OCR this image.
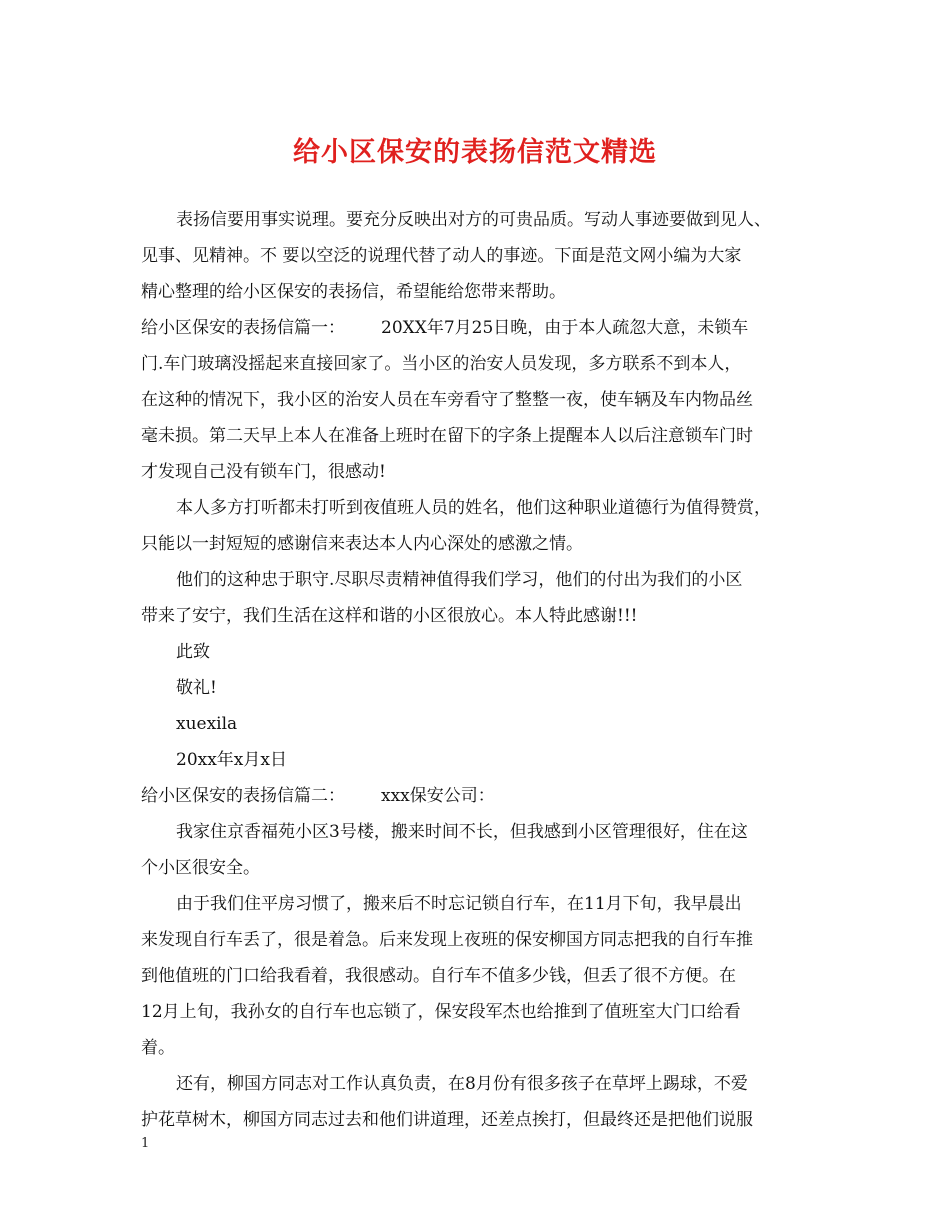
给小区保安的表扬信范文精选
表扬信要用事实说理。要充分反映出对方的可贵品质。写动人事迹要做到见人、
见事、见精神。不 要以空泛的说理代替了动人的事迹。下面是范文网小编为大家
精心整理的给小区保安的表扬信，希望能给您带来帮助。
给小区保安的表扬信篇一： 20XX年7月25日晚，由于本人疏忽大意，未锁车
门.车门玻璃没摇起来直接回家了。当小区的治安人员发现，多方联系不到本人，
在这种的情况下，我小区的治安人员在车旁看守了整整一夜，使车辆及车内物品丝
毫未损。第二天早上本人在准备上班时在留下的字条上提醒本人以后注意锁车门时
才发现自己没有锁车门，很感动!
本人多方打听都未打听到夜值班人员的姓名，他们这种职业道德行为值得赞赏，
只能以一封短短的感谢信来表达本人内心深处的感激之情。
他们的这种忠于职守.尽职尽责精神值得我们学习，他们的付出为我们的小区
带来了安宁，我们生活在这样和谐的小区很放心。本人特此感谢!!!
此致
敬礼!
xuexila
20xx年x月x日
给小区保安的表扬信篇二： xxx保安公司：
我家住京香福苑小区3号楼，搬来时间不长，但我感到小区管理很好，住在这
个小区很安全。
由于我们住平房习惯了，搬来后不时忘记锁自行车，在11月下旬，我早晨出
来发现自行车丢了，很是着急。后来发现上夜班的保安柳国方同志把我的自行车推
到他值班的门口给我看着，我很感动。自行车不值多少钱，但丢了很不方便。在
12月上旬，我孙女的自行车也忘锁了，保安段军杰也给推到了值班室大门口给看
着。
还有，柳国方同志对工作认真负责，在8月份有很多孩子在草坪上踢球，不爱
护花草树木，柳国方同志过去和他们讲道理，还差点挨打，但最终还是把他们说服
1
